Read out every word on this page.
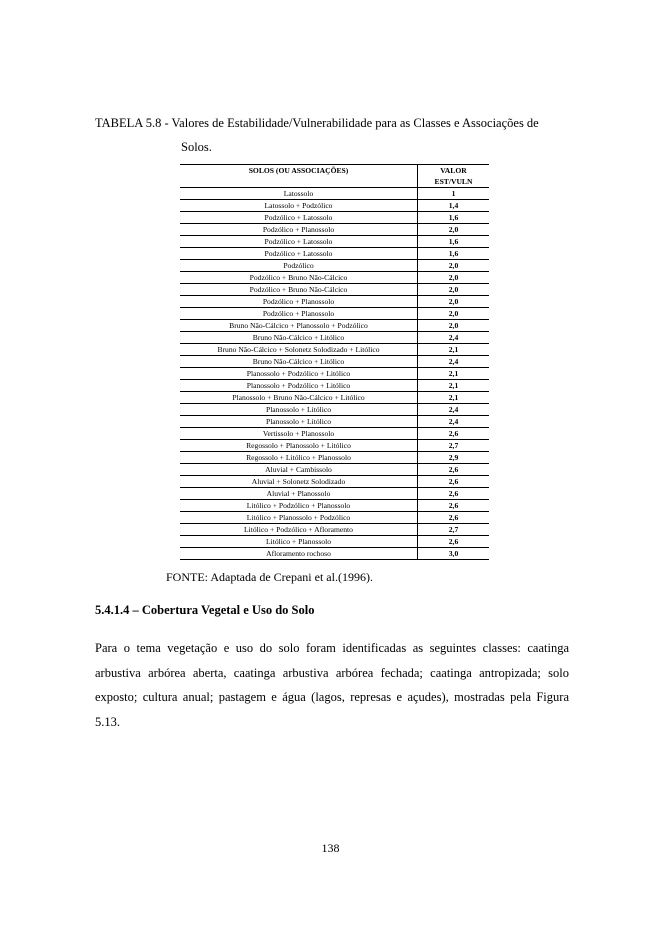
TABELA 5.8 - Valores de Estabilidade/Vulnerabilidade para as Classes e Associações de
Solos.
SOLOS (OU ASSOCIAÇÕES)	VALOR
EST/VULN

Latossolo	1
Latossolo + Podzólico	1,4
Podzólico + Latossolo	1,6
Podzólico + Planossolo	2,0
Podzólico + Latossolo	1,6
Podzólico + Latossolo	1,6
Podzólico	2,0
Podzólico + Bruno Não-Cálcico	2,0
Podzólico + Bruno Não-Cálcico	2,0
Podzólico + Planossolo	2,0
Podzólico + Planossolo	2,0
Bruno Não-Cálcico + Planossolo + Podzólico	2,0
Bruno Não-Cálcico + Litólico	2,4
Bruno Não-Cálcico + Solonetz Solodizado + Litólico	2,1
Bruno Não-Cálcico + Litólico	2,4
Planossolo + Podzólico + Litólico	2,1
Planossolo + Podzólico + Litólico	2,1
Planossolo + Bruno Não-Cálcico + Litólico	2,1
Planossolo + Litólico	2,4
Planossolo + Litólico	2,4
Vertissolo + Planossolo	2,6
Regossolo + Planossolo + Litólico	2,7
Regossolo + Litólico + Planossolo	2,9
Aluvial + Cambissolo	2,6
Aluvial + Solonetz Solodizado	2,6
Aluvial + Planossolo	2,6
Litólico + Podzólico + Planossolo	2,6
Litólico + Planossolo + Podzólico	2,6
Litólico + Podzólico + Afloramento	2,7
Litólico + Planossolo	2,6
Afloramento rochoso	3,0
FONTE: Adaptada de Crepani et al.(1996).
5.4.1.4 – Cobertura Vegetal e Uso do Solo

Para o tema vegetação e uso do solo foram identificadas as seguintes classes: caatinga arbustiva arbórea aberta, caatinga arbustiva arbórea fechada; caatinga antropizada; solo exposto; cultura anual; pastagem e água (lagos, represas e açudes), mostradas pela Figura 5.13.

138
